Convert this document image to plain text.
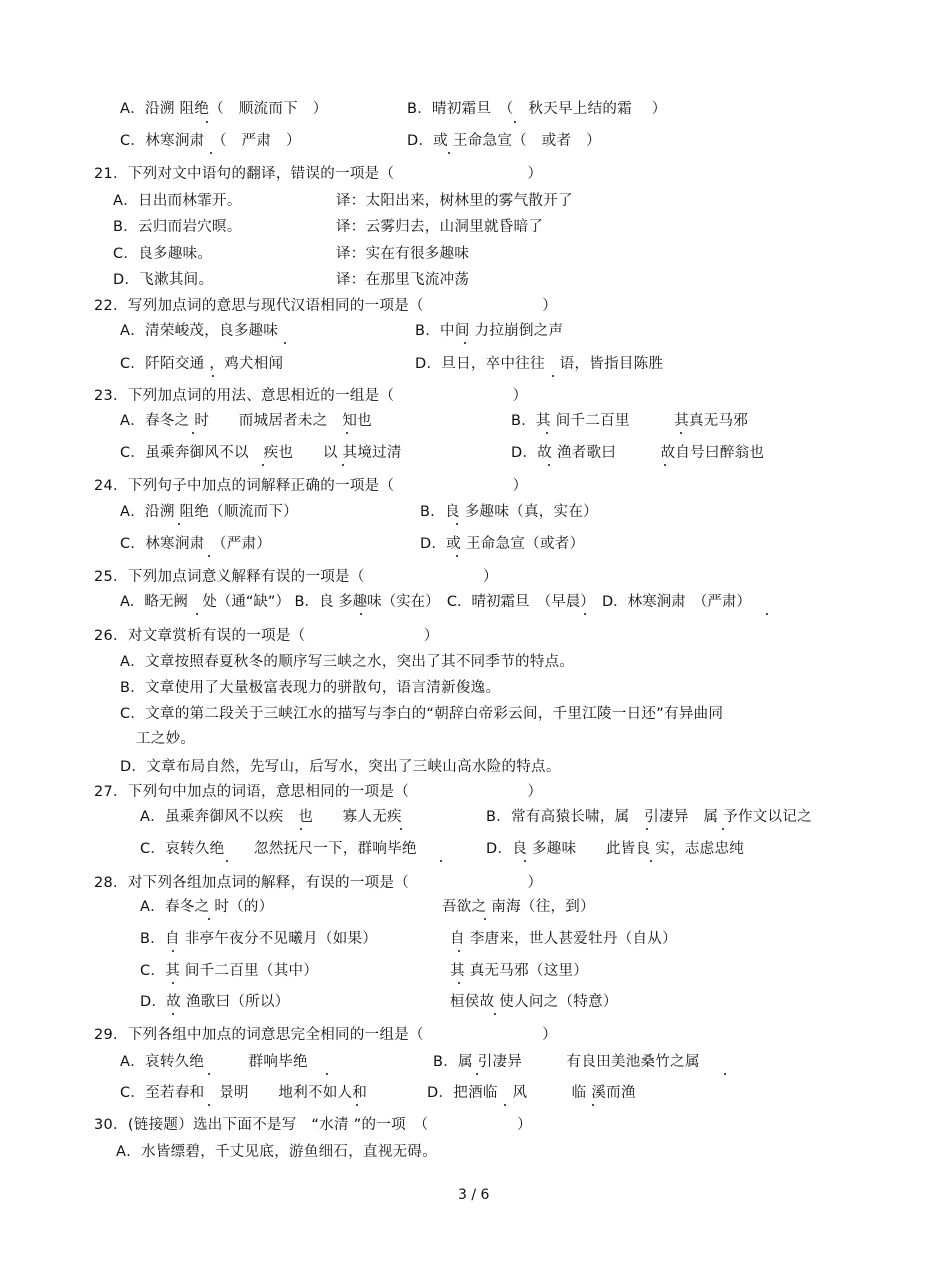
A．沿溯 阻绝（　顺流而下　）	B．晴初霜旦　（　秋天早上结的霜　 ）
C．林寒涧肃　（　严肃　）	D．或 王命急宣（　或者　）
21．下列对文中语句的翻译，错误的一项是（　　　　　　　　　）
A．日出而林霏开。	译：太阳出来，树林里的雾气散开了
B．云归而岩穴暝。	译：云雾归去，山洞里就昏暗了
C．良多趣味。	译：实在有很多趣味
D．飞漱其间。	译：在那里飞流冲荡
22．写列加点词的意思与现代汉语相同的一项是（　　　　　　　　）
A．清荣峻茂，良多趣味	B．中间 力拉崩倒之声
C．阡陌交通 ，鸡犬相闻	D．旦日，卒中往往　语，皆指目陈胜
23．下列加点词的用法、意思相近的一组是（　　　　　　　　）
A．春冬之 时　　而城居者未之　知也	B．其 间千二百里　　　其真无马邪
C．虽乘奔御风不以　疾也　　以 其境过清	D．故 渔者歌曰　　　故自号曰醉翁也
24．下列句子中加点的词解释正确的一项是（　　　　　　　　）
A．沿溯 阻绝（顺流而下）	B．良 多趣味（真，实在）
C．林寒涧肃　（严肃）	D．或 王命急宣（或者）
25．下列加点词意义解释有误的一项是（　　　　　　　　）
A．略无阙　处（通“缺”） B．良 多趣味（实在）　C．晴初霜旦　（早晨）　D．林寒涧肃　（严肃）
26．对文章赏析有误的一项是（　　　　　　　　）
A．文章按照春夏秋冬的顺序写三峡之水，突出了其不同季节的特点。
B．文章使用了大量极富表现力的骈散句，语言清新俊逸。
C．文章的第二段关于三峡江水的描写与李白的“朝辞白帝彩云间，千里江陵一日还”有异曲同
工之妙。
D．文章布局自然，先写山，后写水，突出了三峡山高水险的特点。
27．下列句中加点的词语，意思相同的一项是（　　　　　　　　）
A．虽乘奔御风不以疾　也　　寡人无疾	B．常有高猿长啸，属　引凄异　属 予作文以记之
C．哀转久绝　　忽然抚尺一下，群响毕绝	D．良 多趣味　　此皆良 实，志虑忠纯
28．对下列各组加点词的解释，有误的一项是（　　　　　　　　）
A．春冬之 时（的）	吾欲之 南海（往，到）
B．自 非亭午夜分不见曦月（如果）	自 李唐来，世人甚爱牡丹（自从）
C．其 间千二百里（其中）	其 真无马邪（这里）
D．故 渔歌曰（所以）	桓侯故 使人问之（特意）
29．下列各组中加点的词意思完全相同的一组是（　　　　　　　　）
A．哀转久绝　　　群响毕绝	B．属 引凄异　　　有良田美池桑竹之属
C．至若春和　景明　　地利不如人和	D．把酒临　风　　　临 溪而渔
30．(链接题）选出下面不是写　“水清 ”的一项　（　　　　　　）
A．水皆缥碧，千丈见底，游鱼细石，直视无碍。
3 / 6
